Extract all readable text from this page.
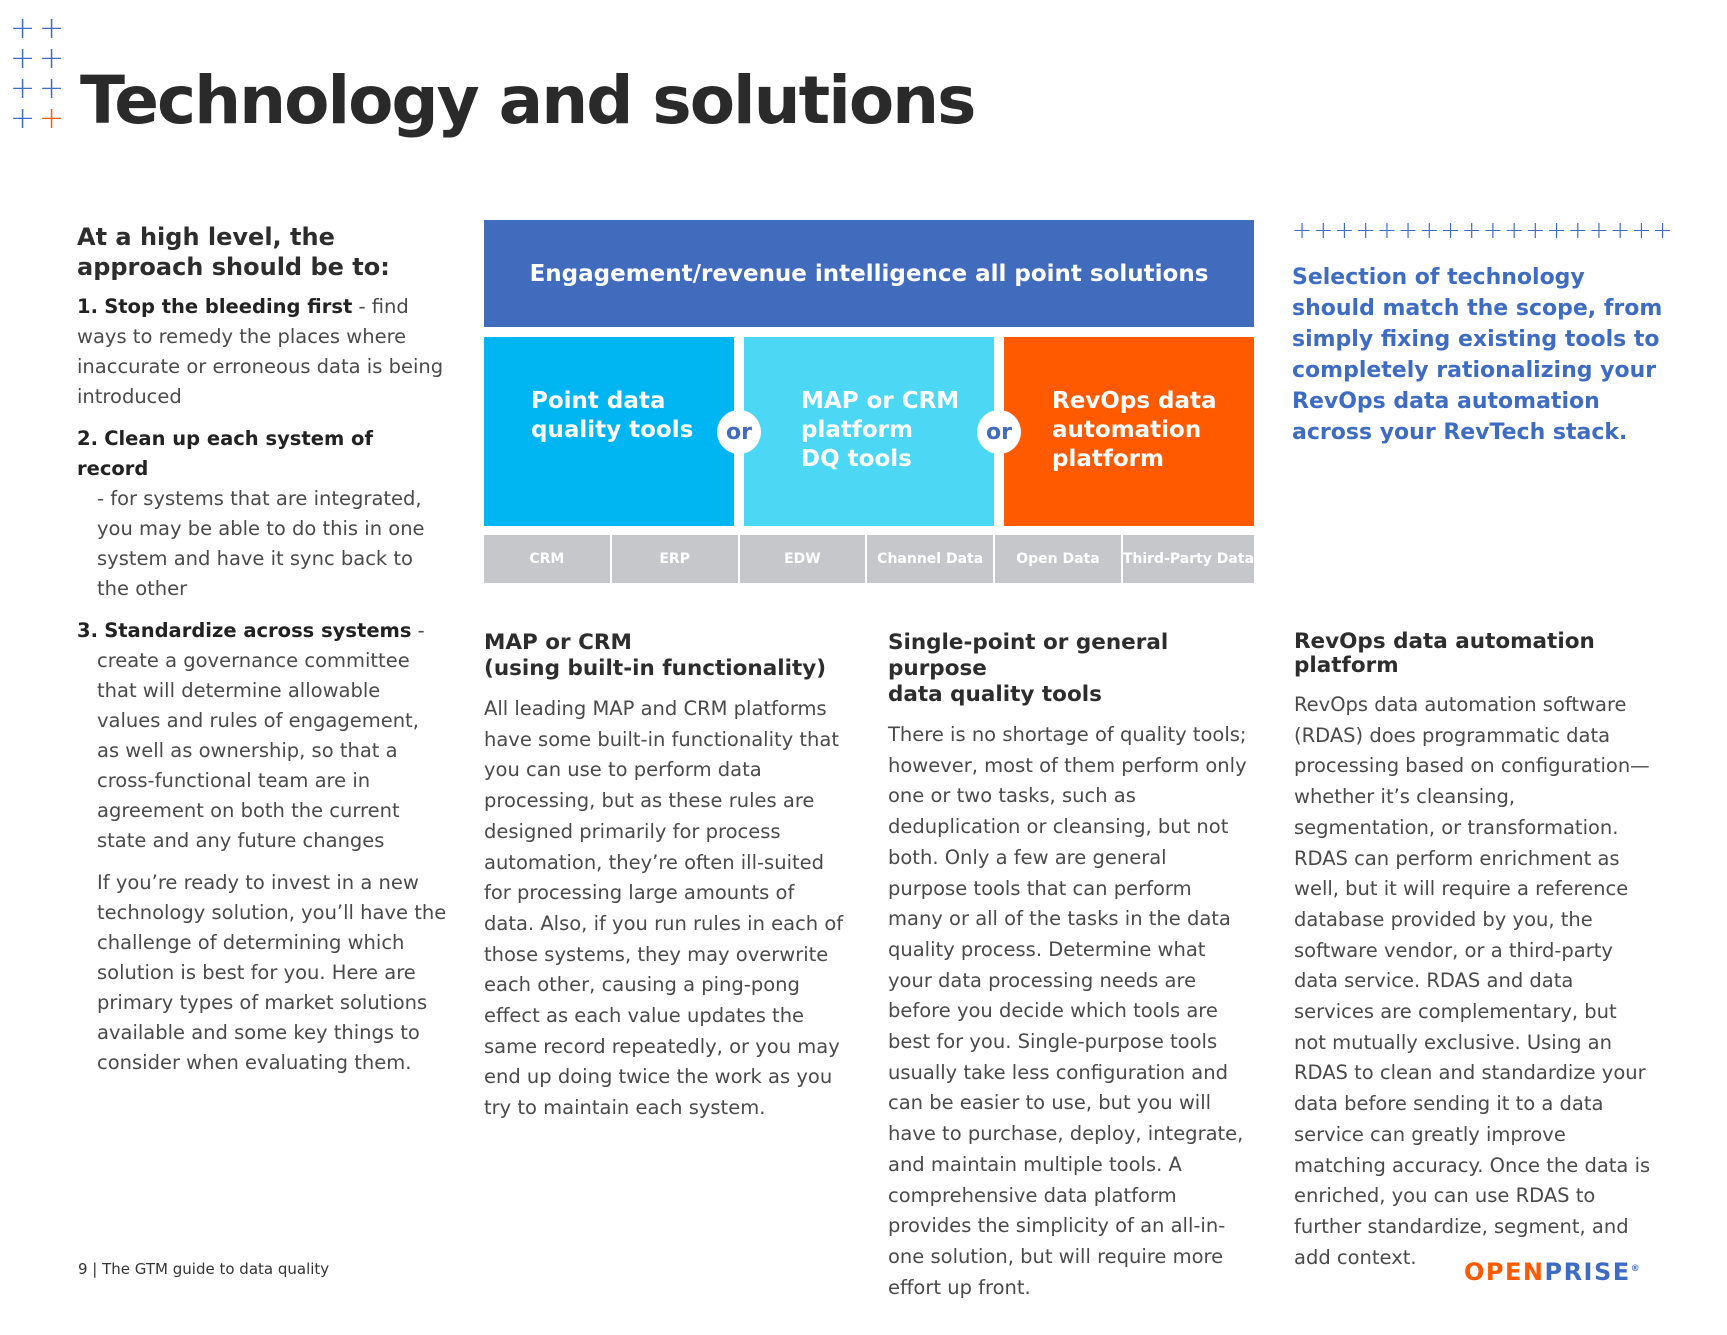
+ +
+ +
+ +
+ + Technology and solutions
At a high level, the approach should be to:
1. Stop the bleeding first - find ways to remedy the places where inaccurate or erroneous data is being introduced
2. Clean up each system of record
- for systems that are integrated, you may be able to do this in one system and have it sync back to the other
3. Standardize across systems -
create a governance committee that will determine allowable values and rules of engagement, as well as ownership, so that a cross-functional team are in agreement on both the current state and any future changes
If you’re ready to invest in a new technology solution, you’ll have the challenge of determining which solution is best for you. Here are primary types of market solutions available and some key things to consider when evaluating them.
Engagement/revenue intelligence all point solutions
Point data
quality tools
MAP or CRM
platform
DQ tools
RevOps data
automation
platform
or	or
CRM	ERP	EDW	Channel Data	Open Data	Third-Party Data
++++++++++++++++++
Selection of technology should match the scope, from simply fixing existing tools to completely rationalizing your RevOps data automation across your RevTech stack.
MAP or CRM
(using built-in functionality)

All leading MAP and CRM platforms have some built-in functionality that you can use to perform data processing, but as these rules are designed primarily for process automation, they’re often ill-suited for processing large amounts of data. Also, if you run rules in each of those systems, they may overwrite each other, causing a ping-pong effect as each value updates the same record repeatedly, or you may end up doing twice the work as you try to maintain each system.

Single-point or general purpose
data quality tools

There is no shortage of quality tools; however, most of them perform only one or two tasks, such as deduplication or cleansing, but not both. Only a few are general purpose tools that can perform many or all of the tasks in the data quality process. Determine what your data processing needs are before you decide which tools are best for you. Single-purpose tools usually take less configuration and can be easier to use, but you will have to purchase, deploy, integrate, and maintain multiple tools. A comprehensive data platform provides the simplicity of an all-in-one solution, but will require more effort up front.

RevOps data automation
platform

RevOps data automation software (RDAS) does programmatic data processing based on configuration—whether it’s cleansing, segmentation, or transformation. RDAS can perform enrichment as well, but it will require a reference database provided by you, the software vendor, or a third-party data service. RDAS and data services are complementary, but not mutually exclusive. Using an RDAS to clean and standardize your data before sending it to a data service can greatly improve matching accuracy. Once the data is enriched, you can use RDAS to further standardize, segment, and add context.

9 | The GTM guide to data quality	OPENPRISE®
